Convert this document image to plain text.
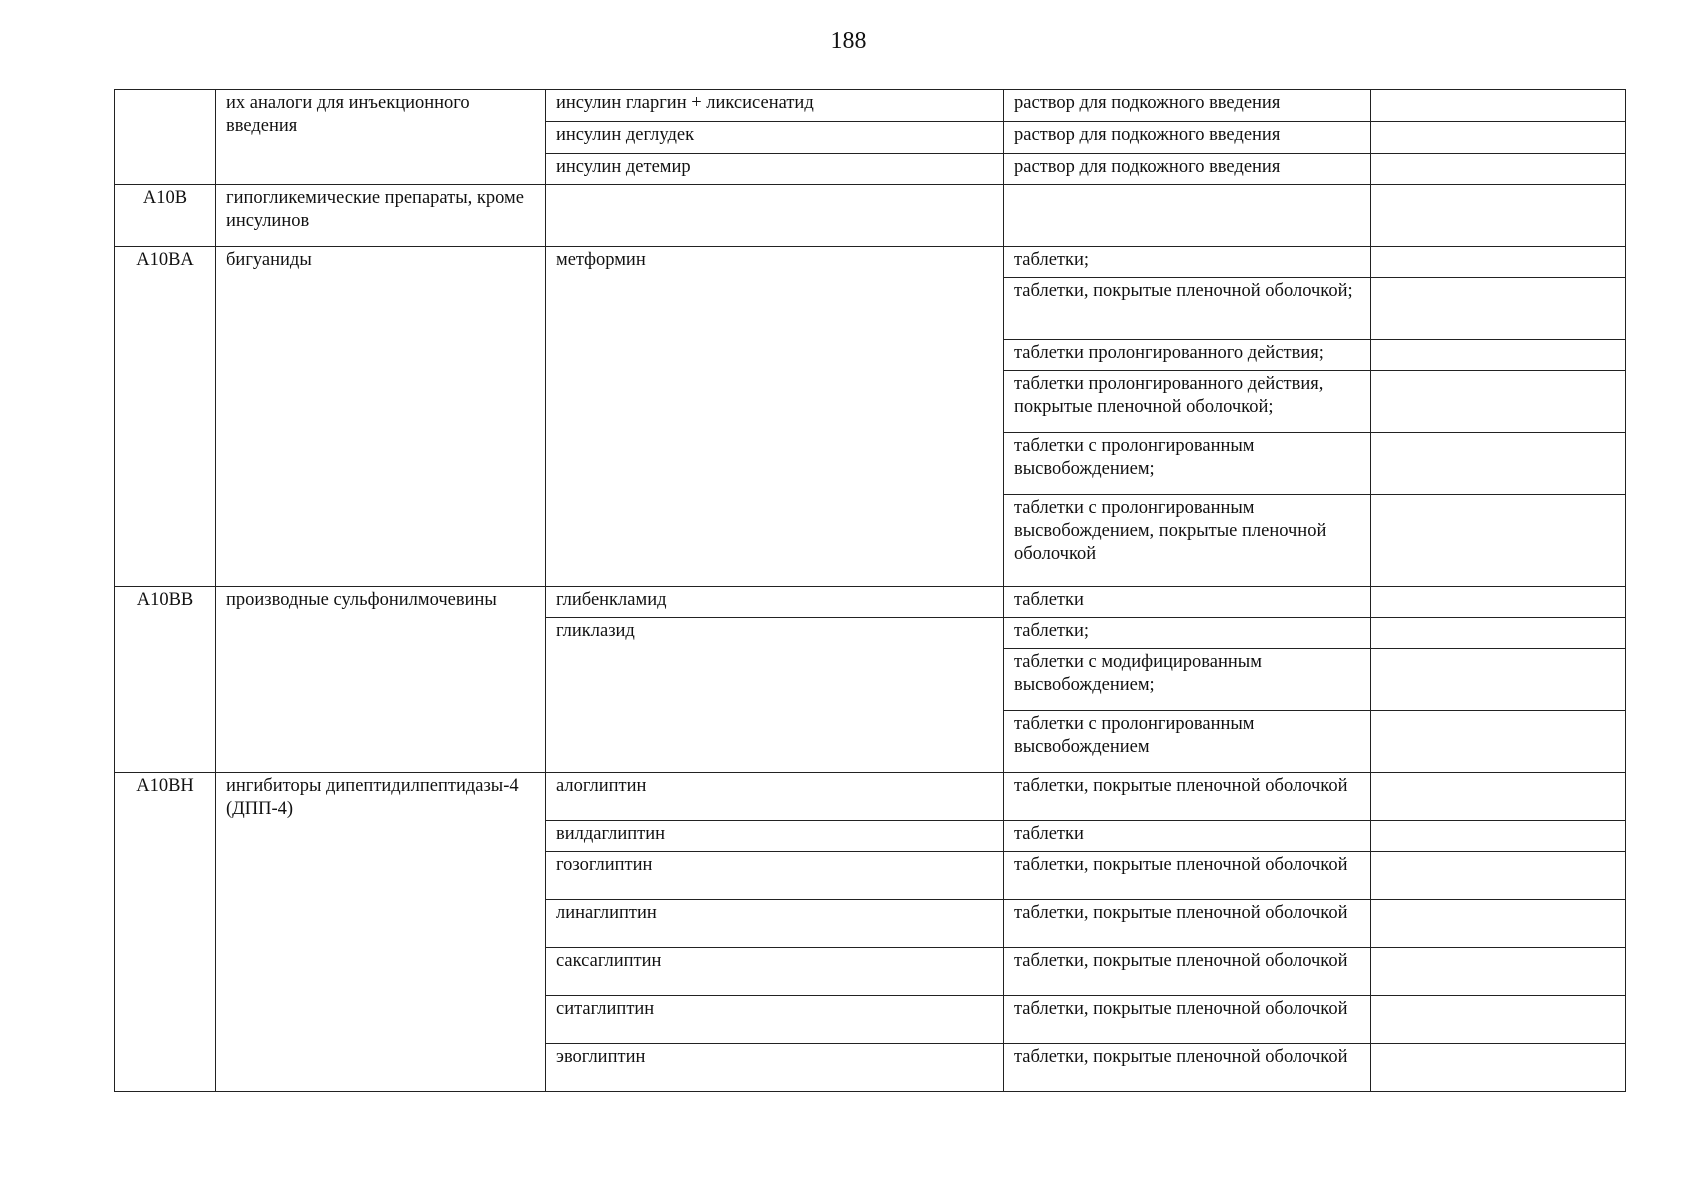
188
	их аналоги для инъекционного введения	инсулин гларгин + ликсисенатид	раствор для подкожного введения	
		инсулин деглудек	раствор для подкожного введения	
		инсулин детемир	раствор для подкожного введения	
A10B	гипогликемические препараты, кроме инсулинов			
A10BA	бигуаниды	метформин	таблетки;	
			таблетки, покрытые пленочной оболочкой;	
			таблетки пролонгированного действия;	
			таблетки пролонгированного действия, покрытые пленочной оболочкой;	
			таблетки с пролонгированным высвобождением;	
			таблетки с пролонгированным высвобождением, покрытые пленочной оболочкой	
A10BB	производные сульфонилмочевины	глибенкламид	таблетки	
		гликлазид	таблетки;	
			таблетки с модифицированным высвобождением;	
			таблетки с пролонгированным высвобождением	
A10BH	ингибиторы дипептидилпептидазы-4 (ДПП-4)	алоглиптин	таблетки, покрытые пленочной оболочкой	
		вилдаглиптин	таблетки	
		гозоглиптин	таблетки, покрытые пленочной оболочкой	
		линаглиптин	таблетки, покрытые пленочной оболочкой	
		саксаглиптин	таблетки, покрытые пленочной оболочкой	
		ситаглиптин	таблетки, покрытые пленочной оболочкой	
		эвоглиптин	таблетки, покрытые пленочной оболочкой	
